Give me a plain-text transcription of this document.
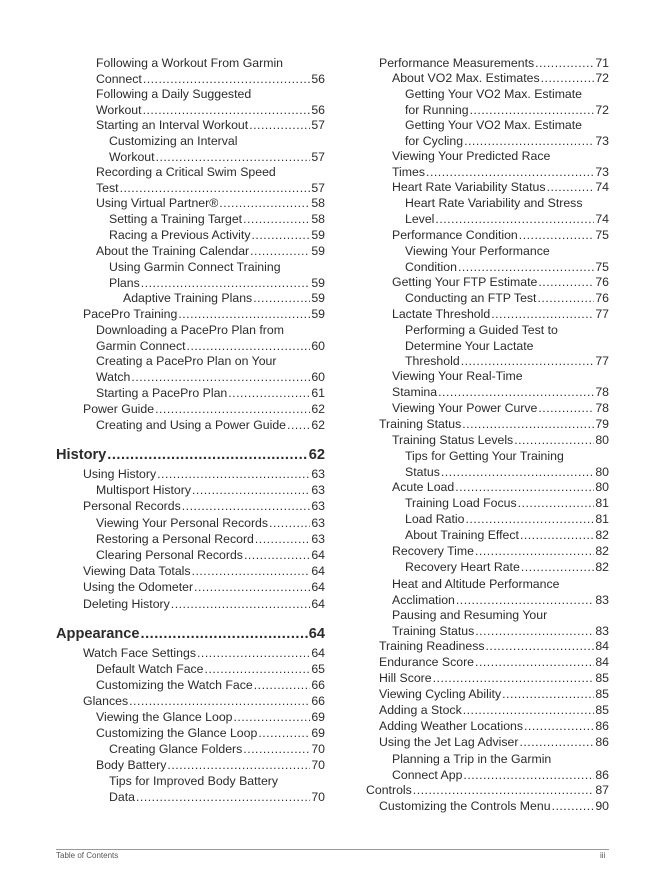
Following a Workout From Garmin
Connect .....	56
Following a Daily Suggested
Workout .....	56
Starting an Interval Workout .....	57
Customizing an Interval
Workout .....	57
Recording a Critical Swim Speed
Test .....	57
Using Virtual Partner® .....	58
Setting a Training Target .....	58
Racing a Previous Activity .....	59
About the Training Calendar .....	59
Using Garmin Connect Training
Plans .....	59
Adaptive Training Plans .....	59
PacePro Training .....	59
Downloading a PacePro Plan from
Garmin Connect .....	60
Creating a PacePro Plan on Your
Watch .....	60
Starting a PacePro Plan .....	61
Power Guide .....	62
Creating and Using a Power Guide ..... 62
History .....	62
Using History .....	63
Multisport History .....	63
Personal Records .....	63
Viewing Your Personal Records .....	63
Restoring a Personal Record .....	63
Clearing Personal Records .....	64
Viewing Data Totals .....	64
Using the Odometer .....	64
Deleting History .....	64
Appearance .....	64
Watch Face Settings .....	64
Default Watch Face .....	65
Customizing the Watch Face .....	66
Glances .....	66
Viewing the Glance Loop .....	69
Customizing the Glance Loop .....	69
Creating Glance Folders .....	70
Body Battery .....	70
Tips for Improved Body Battery
Data .....	70
Performance Measurements .....	71
About VO2 Max. Estimates .....	72
Getting Your VO2 Max. Estimate
for Running .....	72
Getting Your VO2 Max. Estimate
for Cycling .....	73
Viewing Your Predicted Race
Times .....	73
Heart Rate Variability Status .....	74
Heart Rate Variability and Stress
Level .....	74
Performance Condition .....	75
Viewing Your Performance
Condition .....	75
Getting Your FTP Estimate .....	76
Conducting an FTP Test .....	76
Lactate Threshold .....	77
Performing a Guided Test to
Determine Your Lactate
Threshold .....	77
Viewing Your Real-Time
Stamina .....	78
Viewing Your Power Curve .....	78
Training Status .....	79
Training Status Levels .....	80
Tips for Getting Your Training
Status .....	80
Acute Load .....	80
Training Load Focus .....	81
Load Ratio .....	81
About Training Effect .....	82
Recovery Time .....	82
Recovery Heart Rate .....	82
Heat and Altitude Performance
Acclimation .....	83
Pausing and Resuming Your
Training Status .....	83
Training Readiness .....	84
Endurance Score .....	84
Hill Score .....	85
Viewing Cycling Ability .....	85
Adding a Stock .....	85
Adding Weather Locations .....	86
Using the Jet Lag Adviser .....	86
Planning a Trip in the Garmin
Connect App .....	86
Controls .....	87
Customizing the Controls Menu .....	90
Table of Contents	iii
